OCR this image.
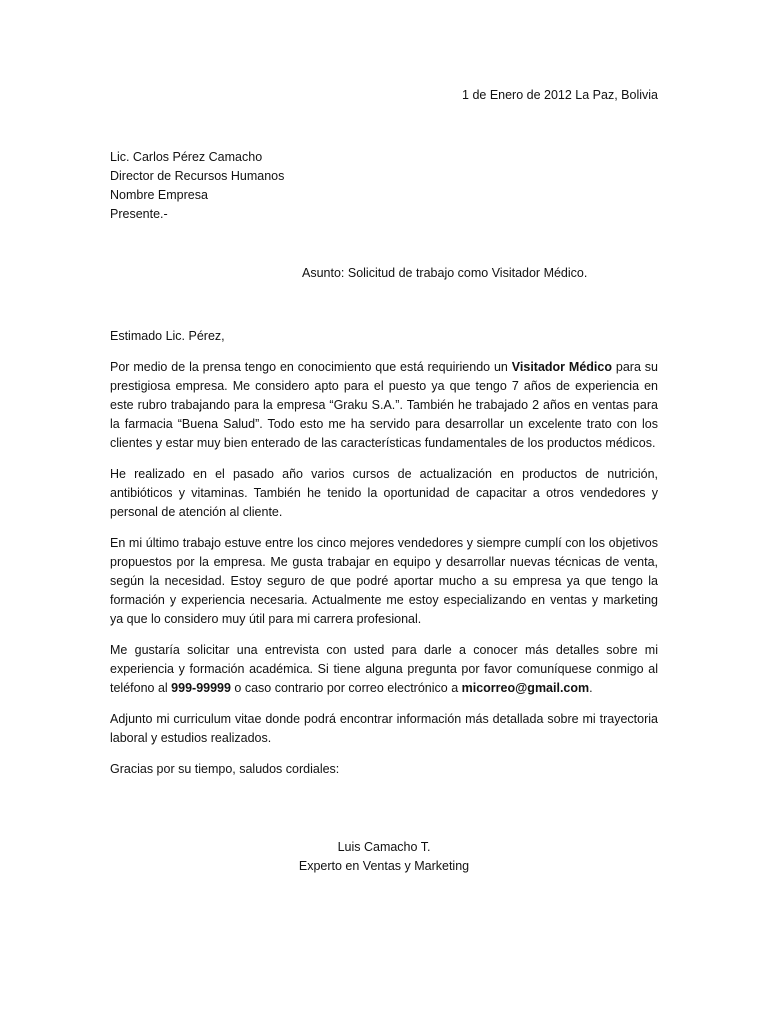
1 de Enero de 2012 La Paz, Bolivia
Lic. Carlos Pérez Camacho
Director de Recursos Humanos
Nombre Empresa
Presente.-
Asunto: Solicitud de trabajo como Visitador Médico.
Estimado Lic. Pérez,

Por medio de la prensa tengo en conocimiento que está requiriendo un Visitador Médico para su prestigiosa empresa. Me considero apto para el puesto ya que tengo 7 años de experiencia en este rubro trabajando para la empresa “Graku S.A.”. También he trabajado 2 años en ventas para la farmacia “Buena Salud”. Todo esto me ha servido para desarrollar un excelente trato con los clientes y estar muy bien enterado de las características fundamentales de los productos médicos.

He realizado en el pasado año varios cursos de actualización en productos de nutrición, antibióticos y vitaminas. También he tenido la oportunidad de capacitar a otros vendedores y personal de atención al cliente.

En mi último trabajo estuve entre los cinco mejores vendedores y siempre cumplí con los objetivos propuestos por la empresa. Me gusta trabajar en equipo y desarrollar nuevas técnicas de venta, según la necesidad. Estoy seguro de que podré aportar mucho a su empresa ya que tengo la formación y experiencia necesaria. Actualmente me estoy especializando en ventas y marketing ya que lo considero muy útil para mi carrera profesional.

Me gustaría solicitar una entrevista con usted para darle a conocer más detalles sobre mi experiencia y formación académica. Si tiene alguna pregunta por favor comuníquese conmigo al teléfono al 999-99999 o caso contrario por correo electrónico a micorreo@gmail.com.

Adjunto mi curriculum vitae donde podrá encontrar información más detallada sobre mi trayectoria laboral y estudios realizados.

Gracias por su tiempo, saludos cordiales:

Luis Camacho T.
Experto en Ventas y Marketing
